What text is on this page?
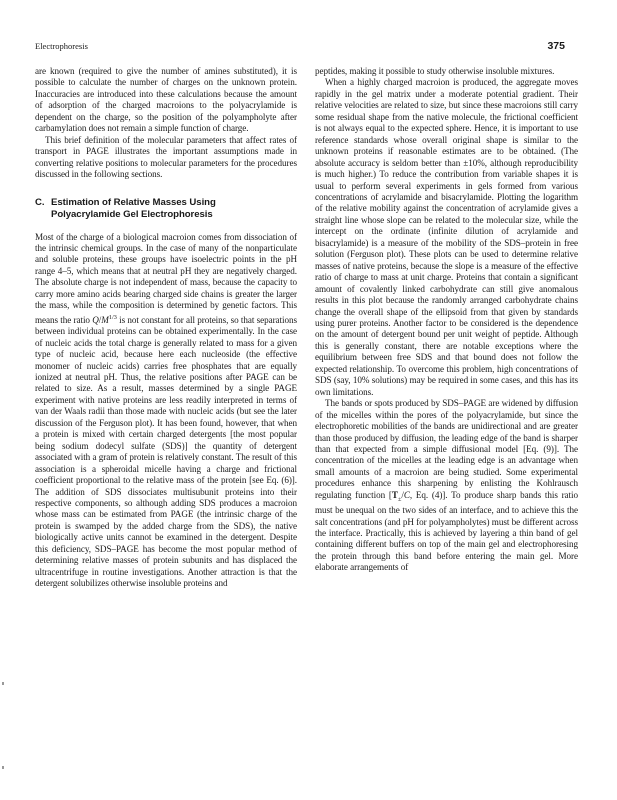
Electrophoresis	375

are known (required to give the number of amines substituted), it is possible to calculate the number of charges on the unknown protein. Inaccuracies are introduced into these calculations because the amount of adsorption of the charged macroions to the polyacrylamide is dependent on the charge, so the position of the polyampholyte after carbamylation does not remain a simple function of charge.

This brief definition of the molecular parameters that affect rates of transport in PAGE illustrates the important assumptions made in converting relative positions to molecular parameters for the procedures discussed in the following sections.

C. Estimation of Relative Masses Using
Polyacrylamide Gel Electrophoresis

Most of the charge of a biological macroion comes from dissociation of the intrinsic chemical groups. In the case of many of the nonparticulate and soluble proteins, these groups have isoelectric points in the pH range 4–5, which means that at neutral pH they are negatively charged. The absolute charge is not independent of mass, because the capacity to carry more amino acids bearing charged side chains is greater the larger the mass, while the composition is determined by genetic factors. This means the ratio $Q/M^{1/3}$ is not constant for all proteins, so that separations between individual proteins can be obtained experimentally. In the case of nucleic acids the total charge is generally related to mass for a given type of nucleic acid, because here each nucleoside (the effective monomer of nucleic acids) carries free phosphates that are equally ionized at neutral pH. Thus, the relative positions after PAGE can be related to size. As a result, masses determined by a single PAGE experiment with native proteins are less readily interpreted in terms of van der Waals radii than those made with nucleic acids (but see the later discussion of the Ferguson plot). It has been found, however, that when a protein is mixed with certain charged detergents [the most popular being sodium dodecyl sulfate (SDS)] the quantity of detergent associated with a gram of protein is relatively constant. The result of this association is a spheroidal micelle having a charge and frictional coefficient proportional to the relative mass of the protein [see Eq. (6)]. The addition of SDS dissociates multisubunit proteins into their respective components, so although adding SDS produces a macroion whose mass can be estimated from PAGE (the intrinsic charge of the protein is swamped by the added charge from the SDS), the native biologically active units cannot be examined in the detergent. Despite this deficiency, SDS–PAGE has become the most popular method of determining relative masses of protein subunits and has displaced the ultracentrifuge in routine investigations. Another attraction is that the detergent solubilizes otherwise insoluble proteins and

peptides, making it possible to study otherwise insoluble mixtures.

When a highly charged macroion is produced, the aggregate moves rapidly in the gel matrix under a moderate potential gradient. Their relative velocities are related to size, but since these macroions still carry some residual shape from the native molecule, the frictional coefficient is not always equal to the expected sphere. Hence, it is important to use reference standards whose overall original shape is similar to the unknown proteins if reasonable estimates are to be obtained. (The absolute accuracy is seldom better than ±10%, although reproducibility is much higher.) To reduce the contribution from variable shapes it is usual to perform several experiments in gels formed from various concentrations of acrylamide and bisacrylamide. Plotting the logarithm of the relative mobility against the concentration of acrylamide gives a straight line whose slope can be related to the molecular size, while the intercept on the ordinate (infinite dilution of acrylamide and bisacrylamide) is a measure of the mobility of the SDS–protein in free solution (Ferguson plot). These plots can be used to determine relative masses of native proteins, because the slope is a measure of the effective ratio of charge to mass at unit charge. Proteins that contain a significant amount of covalently linked carbohydrate can still give anomalous results in this plot because the randomly arranged carbohydrate chains change the overall shape of the ellipsoid from that given by standards using purer proteins. Another factor to be considered is the dependence on the amount of detergent bound per unit weight of peptide. Although this is generally constant, there are notable exceptions where the equilibrium between free SDS and that bound does not follow the expected relationship. To overcome this problem, high concentrations of SDS (say, 10% solutions) may be required in some cases, and this has its own limitations.

The bands or spots produced by SDS–PAGE are widened by diffusion of the micelles within the pores of the polyacrylamide, but since the electrophoretic mobilities of the bands are unidirectional and are greater than those produced by diffusion, the leading edge of the band is sharper than that expected from a simple diffusional model [Eq. (9)]. The concentration of the micelles at the leading edge is an advantage when small amounts of a macroion are being studied. Some experimental procedures enhance this sharpening by enlisting the Kohlrausch regulating function [$T_\pm/C$, Eq. (4)]. To produce sharp bands this ratio must be unequal on the two sides of an interface, and to achieve this the salt concentrations (and pH for polyampholytes) must be different across the interface. Practically, this is achieved by layering a thin band of gel containing different buffers on top of the main gel and electrophoresing the protein through this band before entering the main gel. More elaborate arrangements of
